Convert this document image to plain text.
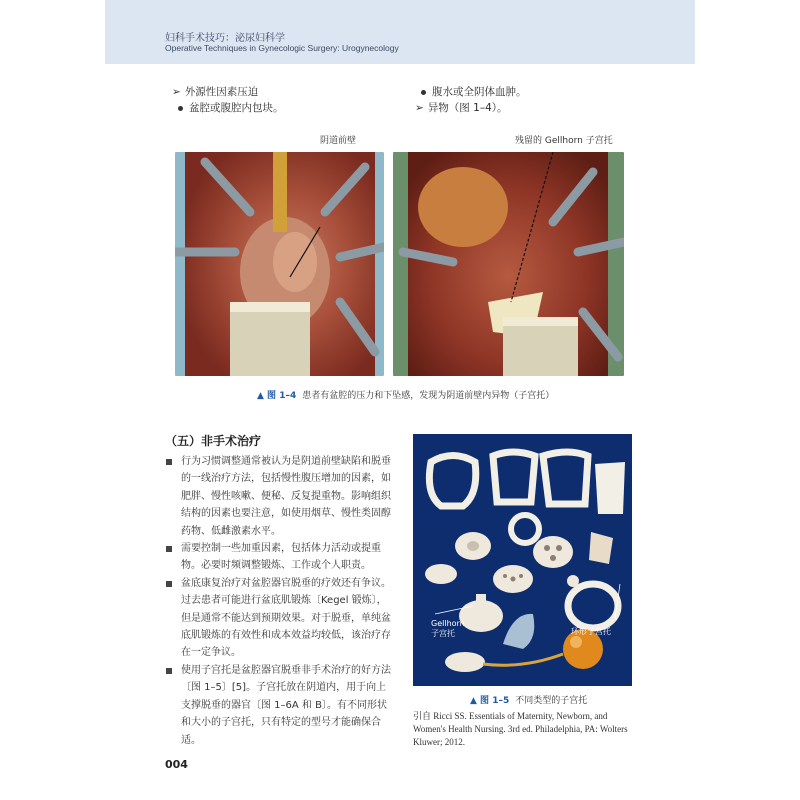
妇科手术技巧：泌尿妇科学
Operative Techniques in Gynecologic Surgery: Urogynecology
➢ 外源性因素压迫
盆腔或腹腔内包块。
腹水或全阴体血肿。
➢ 异物（图 1–4）。
阴道前壁	残留的 Gellhorn 子宫托
▲ 图 1–4 患者有盆腔的压力和下坠感，发现为阴道前壁内异物（子宫托）
（五）非手术治疗

行为习惯调整通常被认为是阴道前壁缺陷和脱垂的一线治疗方法，包括慢性腹压增加的因素，如肥胖、慢性咳嗽、便秘、反复提重物。影响组织结构的因素也要注意，如使用烟草、慢性类固醇药物、低雌激素水平。

需要控制一些加重因素，包括体力活动或提重物。必要时频调整锻炼、工作或个人职责。

盆底康复治疗对盆腔器官脱垂的疗效还有争议。过去患者可能进行盆底肌锻炼〔Kegel 锻炼〕，但是通常不能达到预期效果。对于脱垂，单纯盆底肌锻炼的有效性和成本效益均较低，该治疗存在一定争议。

使用子宫托是盆腔器官脱垂非手术治疗的好方法〔图 1–5〕[5]。子宫托放在阴道内，用于向上支撑脱垂的器官〔图 1–6A 和 B〕。有不同形状和大小的子宫托，只有特定的型号才能确保合适。

Gellhorn
子宫托	环形子宫托
▲ 图 1–5 不同类型的子宫托
引自 Ricci SS. Essentials of Maternity, Newborn, and Women's Health Nursing. 3rd ed. Philadelphia, PA: Wolters Kluwer; 2012.
004
